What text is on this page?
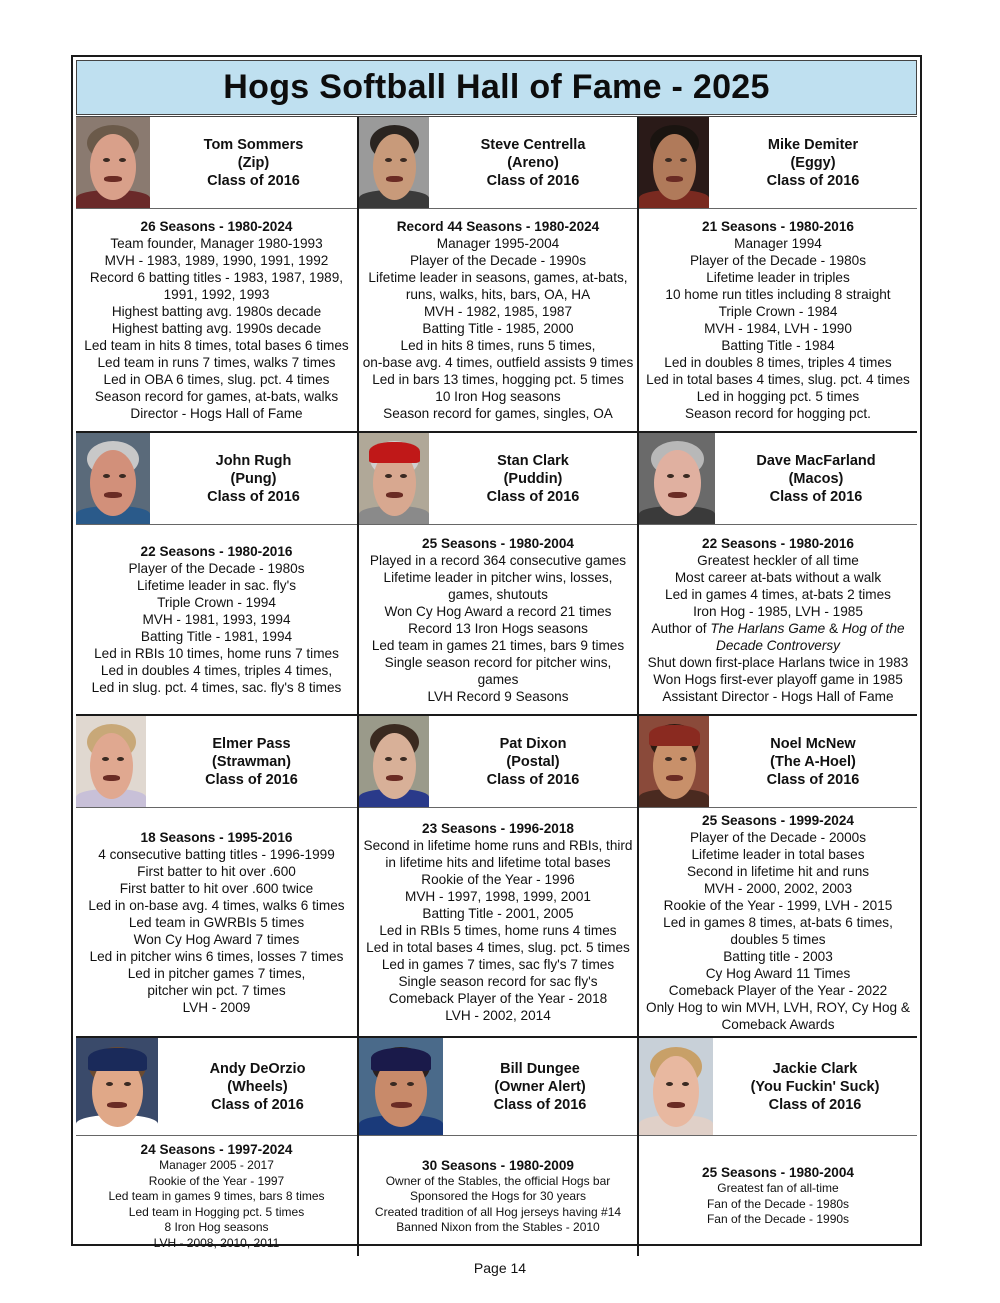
Hogs Softball Hall of Fame - 2025
Tom Sommers
(Zip)
Class of 2016
26 Seasons - 1980-2024
Team founder, Manager 1980-1993
MVH - 1983, 1989, 1990, 1991, 1992
Record 6 batting titles - 1983, 1987, 1989,
1991, 1992, 1993
Highest batting avg. 1980s decade
Highest batting avg. 1990s decade
Led team in hits 8 times, total bases 6 times
Led team in runs 7 times, walks 7 times
Led in OBA 6 times, slug. pct. 4 times
Season record for games, at-bats, walks
Director - Hogs Hall of Fame
Steve Centrella
(Areno)
Class of 2016
Record 44 Seasons - 1980-2024
Manager 1995-2004
Player of the Decade - 1990s
Lifetime leader in seasons, games, at-bats,
runs, walks, hits, bars, OA, HA
MVH - 1982, 1985, 1987
Batting Title - 1985, 2000
Led in hits 8 times, runs 5 times,
on-base avg. 4 times, outfield assists 9 times
Led in bars 13 times, hogging pct. 5 times
10 Iron Hog seasons
Season record for games, singles, OA
Mike Demiter
(Eggy)
Class of 2016
21 Seasons - 1980-2016
Manager 1994
Player of the Decade - 1980s
Lifetime leader in triples
10 home run titles including 8 straight
Triple Crown - 1984
MVH - 1984, LVH - 1990
Batting Title - 1984
Led in doubles 8 times, triples 4 times
Led in total bases 4 times, slug. pct. 4 times
Led in hogging pct. 5 times
Season record for hogging pct.
John Rugh
(Pung)
Class of 2016
22 Seasons - 1980-2016
Player of the Decade - 1980s
Lifetime leader in sac. fly's
Triple Crown - 1994
MVH - 1981, 1993, 1994
Batting Title - 1981, 1994
Led in RBIs 10 times, home runs 7 times
Led in doubles 4 times, triples 4 times,
Led in slug. pct. 4 times, sac. fly's 8 times
Stan Clark
(Puddin)
Class of 2016
25 Seasons - 1980-2004
Played in a record 364 consecutive games
Lifetime leader in pitcher wins, losses,
games, shutouts
Won Cy Hog Award a record 21 times
Record 13 Iron Hogs seasons
Led team in games 21 times, bars 9 times
Single season record for pitcher wins,
games
LVH Record 9 Seasons
Dave MacFarland
(Macos)
Class of 2016
22 Seasons - 1980-2016
Greatest heckler of all time
Most career at-bats without a walk
Led in games 4 times, at-bats 2 times
Iron Hog - 1985, LVH - 1985
Author of The Harlans Game & Hog of the
Decade Controversy
Shut down first-place Harlans twice in 1983
Won Hogs first-ever playoff game in 1985
Assistant Director - Hogs Hall of Fame
Elmer Pass
(Strawman)
Class of 2016
18 Seasons - 1995-2016
4 consecutive batting titles - 1996-1999
First batter to hit over .600
First batter to hit over .600 twice
Led in on-base avg. 4 times, walks 6 times
Led team in GWRBIs 5 times
Won Cy Hog Award 7 times
Led in pitcher wins 6 times, losses 7 times
Led in pitcher games 7 times,
pitcher win pct. 7 times
LVH - 2009
Pat Dixon
(Postal)
Class of 2016
23 Seasons - 1996-2018
Second in lifetime home runs and RBIs, third
in lifetime hits and lifetime total bases
Rookie of the Year - 1996
MVH - 1997, 1998, 1999, 2001
Batting Title - 2001, 2005
Led in RBIs 5 times, home runs 4 times
Led in total bases 4 times, slug. pct. 5 times
Led in games 7 times, sac fly's 7 times
Single season record for sac fly's
Comeback Player of the Year - 2018
LVH - 2002, 2014
Noel McNew
(The A-Hoel)
Class of 2016
25 Seasons - 1999-2024
Player of the Decade - 2000s
Lifetime leader in total bases
Second in lifetime hit and runs
MVH - 2000, 2002, 2003
Rookie of the Year - 1999, LVH - 2015
Led in games 8 times, at-bats 6 times,
doubles 5 times
Batting title - 2003
Cy Hog Award 11 Times
Comeback Player of the Year - 2022
Only Hog to win MVH, LVH, ROY, Cy Hog &
Comeback Awards
Andy DeOrzio
(Wheels)
Class of 2016
24 Seasons - 1997-2024
Manager 2005 - 2017
Rookie of the Year - 1997
Led team in games 9 times, bars 8 times
Led team in Hogging pct. 5 times
8 Iron Hog seasons
LVH - 2008, 2010, 2011
Bill Dungee
(Owner Alert)
Class of 2016
30 Seasons - 1980-2009
Owner of the Stables, the official Hogs bar
Sponsored the Hogs for 30 years
Created tradition of all Hog jerseys having #14
Banned Nixon from the Stables - 2010
Jackie Clark
(You Fuckin' Suck)
Class of 2016
25 Seasons - 1980-2004
Greatest fan of all-time
Fan of the Decade - 1980s
Fan of the Decade - 1990s
Page 14
